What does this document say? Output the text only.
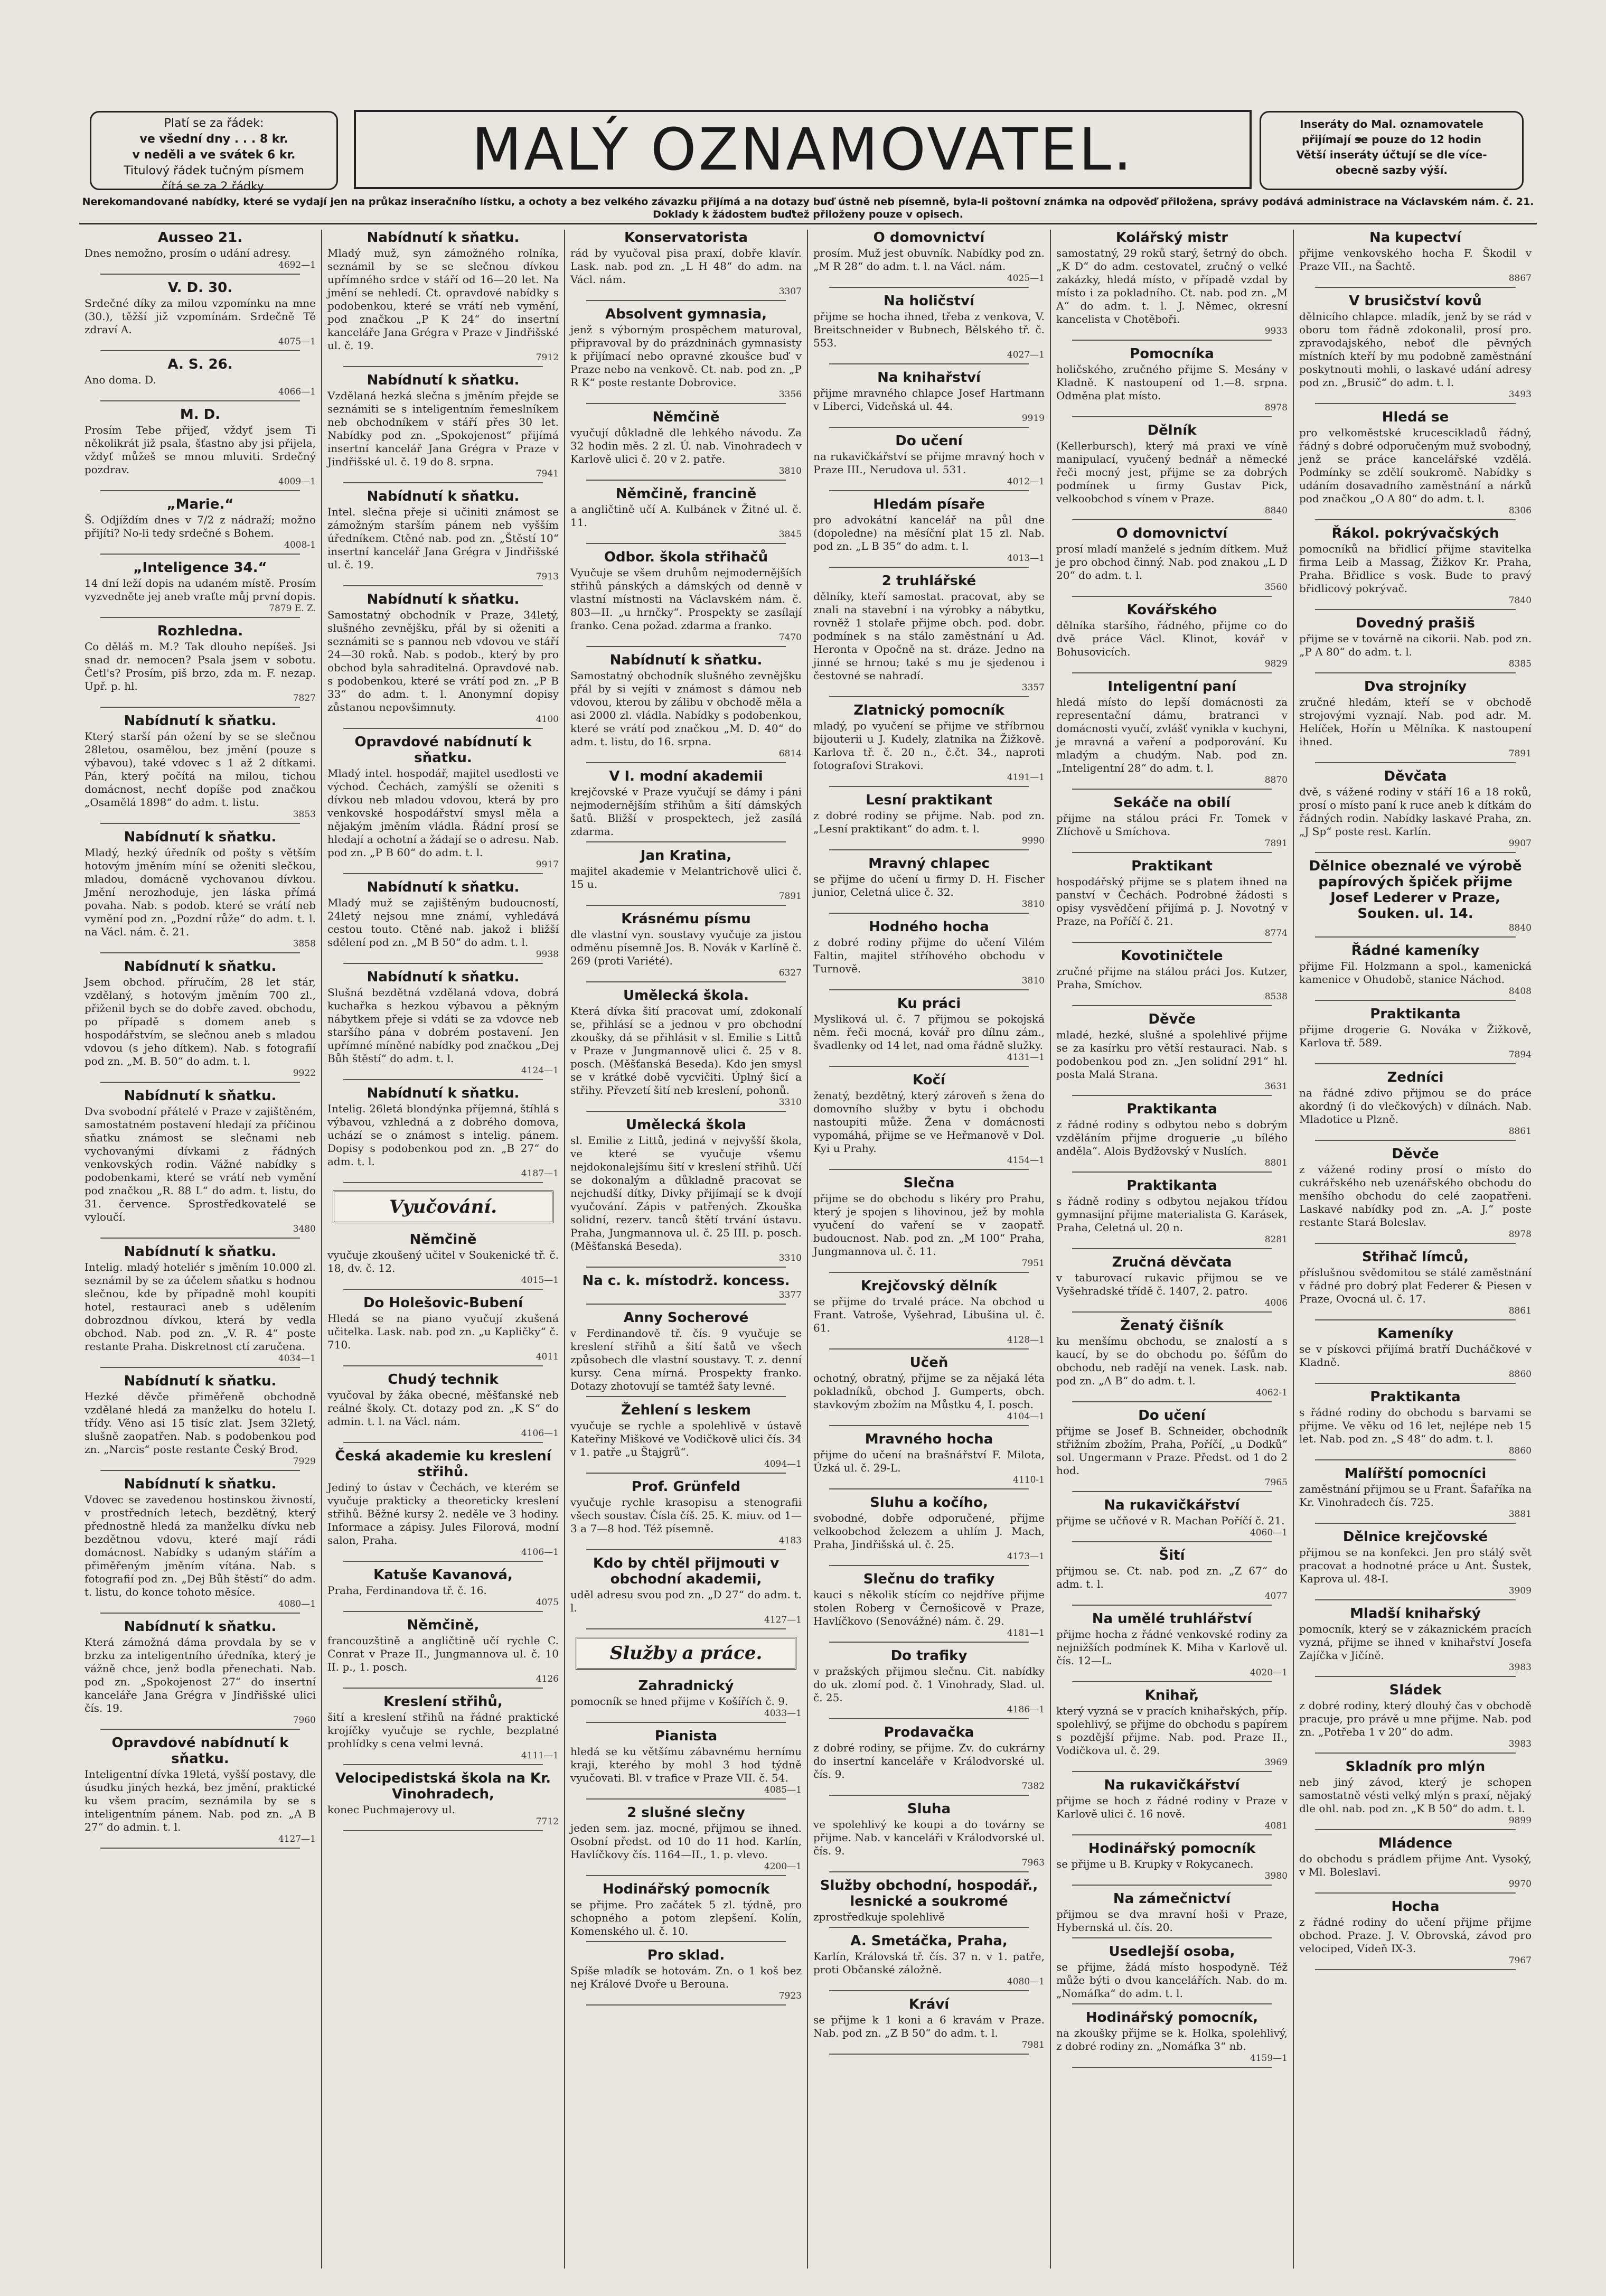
Platí se za řádek:
ve všední dny . . . 8 kr.
v neděli a ve svátek 6 kr.
Titulový řádek tučným písmem
čítá se za 2 řádky.
MALÝ OZNAMOVATEL.	Inseráty do Mal. oznamovatele
přijímají se pouze do 12 hodin
Větší inseráty účtují se dle více-
obecně sazby výší.
Nerekomandované nabídky, které se vydají jen na průkaz inseračního lístku, a ochoty a bez velkého závazku přijímá a na dotazy buď ústně neb písemně, byla-li poštovní známka na odpověď přiložena, správy podává administrace na Václavském nám. č. 21. Doklady k žádostem buďtež přiloženy pouze v opisech.
Ausseo 21.

Dnes nemožno, prosím o udání adresy.

4692—1
V. D. 30.

Srdečné díky za milou vzpomínku na mne (30.), těžší již vzpomínám. Srdečně Tě zdraví A.

4075—1
A. S. 26.

Ano doma. D.

4066—1
M. D.

Prosím Tebe přijeď, vždyť jsem Ti několikrát již psala, šťastno aby jsi přijela, vždyť můžeš se mnou mluviti. Srdečný pozdrav.

4009—1
„Marie.“

Š. Odjíždím dnes v 7/2 z nádraží; možno přijíti? No-li tedy srdečné s Bohem.

4008-1
„Inteligence 34.“

14 dní leží dopis na udaném místě. Prosím vyzvedněte jej aneb vraťte můj první dopis.

7879 E. Z.
Rozhledna.

Co děláš m. M.? Tak dlouho nepíšeš. Jsi snad dr. nemocen? Psala jsem v sobotu. Četl's? Prosím, piš brzo, zda m. F. nezap. Upř. p. hl.

7827
Nabídnutí k sňatku.

Který starší pán ožení by se se slečnou 28letou, osamělou, bez jmění (pouze s výbavou), také vdovec s 1 až 2 dítkami. Pán, který počítá na milou, tichou domácnost, nechť dopíše pod značkou „Osamělá 1898“ do adm. t. listu.

3853
Nabídnutí k sňatku.

Mladý, hezký úředník od pošty s větším hotovým jměním míní se oženiti slečkou, mladou, domácně vychovanou dívkou. Jmění nerozhoduje, jen láska přímá povaha. Nab. s podob. které se vrátí neb vymění pod zn. „Pozdní růže“ do adm. t. l. na Václ. nám. č. 21.

3858
Nabídnutí k sňatku.

Jsem obchod. příručím, 28 let stár, vzdělaný, s hotovým jměním 700 zl., přiženil bych se do dobře zaved. obchodu, po případě s domem aneb s hospodářstvím, se slečnou aneb s mladou vdovou (s jeho dítkem). Nab. s fotografií pod zn. „M. B. 50“ do adm. t. l.

9922
Nabídnutí k sňatku.

Dva svobodní přátelé v Praze v zajištěném, samostatném postavení hledají za příčinou sňatku známost se slečnami neb vychovanými dívkami z řádných venkovských rodin. Vážné nabídky s podobenkami, které se vrátí neb vymění pod značkou „R. 88 L“ do adm. t. listu, do 31. července. Sprostředkovatelé se vyloučí.

3480
Nabídnutí k sňatku.

Intelig. mladý hoteliér s jměním 10.000 zl. seznámil by se za účelem sňatku s hodnou slečnou, kde by případně mohl koupiti hotel, restauraci aneb s udělením dobrozdnou dívkou, která by vedla obchod. Nab. pod zn. „V. R. 4“ poste restante Praha. Diskretnost ctí zaručena.

4034—1
Nabídnutí k sňatku.

Hezké děvče přiměřeně obchodně vzdělané hledá za manželku do hotelu I. třídy. Věno asi 15 tisíc zlat. Jsem 32letý, slušně zaopatřen. Nab. s podobenkou pod zn. „Narcis“ poste restante Český Brod.

7929
Nabídnutí k sňatku.

Vdovec se zavedenou hostinskou živností, v prostředních letech, bezdětný, který přednostně hledá za manželku dívku neb bezdětnou vdovu, které mají rádi domácnost. Nabídky s udaným stářím a přiměřeným jměním vítána. Nab. s fotografií pod zn. „Dej Bůh štěstí“ do adm. t. listu, do konce tohoto měsíce.

4080—1
Nabídnutí k sňatku.

Která zámožná dáma provdala by se v brzku za inteligentního úředníka, který je vážně chce, jenž bodla přenechati. Nab. pod zn. „Spokojenost 27“ do insertní kanceláře Jana Grégra v Jindřišské ulici čís. 19.

7960
Opravdové nabídnutí k sňatku.

Inteligentní dívka 19letá, vyšší postavy, dle úsudku jiných hezká, bez jmění, praktické ku všem pracím, seznámila by se s inteligentním pánem. Nab. pod zn. „A B 27“ do admin. t. l.

4127—1
Nabídnutí k sňatku.

Mladý muž, syn zámožného rolníka, seznámil by se se slečnou dívkou upřímného srdce v stáří od 16—20 let. Na jmění se nehledí. Ct. opravdové nabídky s podobenkou, které se vrátí neb vymění, pod značkou „P K 24“ do insertní kanceláře Jana Grégra v Praze v Jindřišské ul. č. 19.

7912
Nabídnutí k sňatku.

Vzdělaná hezká slečna s jměním přejde se seznámiti se s inteligentním řemeslníkem neb obchodníkem v stáří přes 30 let. Nabídky pod zn. „Spokojenost“ přijímá insertní kancelář Jana Grégra v Praze v Jindřišské ul. č. 19 do 8. srpna.

7941
Nabídnutí k sňatku.

Intel. slečna přeje si učiniti známost se zámožným starším pánem neb vyšším úředníkem. Ctěné nab. pod zn. „Štěstí 10“ insertní kancelář Jana Grégra v Jindřišské ul. č. 19.

7913
Nabídnutí k sňatku.

Samostatný obchodník v Praze, 34letý, slušného zevnějšku, přál by si oženiti a seznámiti se s pannou neb vdovou ve stáří 24—30 roků. Nab. s podob., který by pro obchod byla sahraditelná. Opravdové nab. s podobenkou, které se vrátí pod zn. „P B 33“ do adm. t. l. Anonymní dopisy zůstanou nepovšimnuty.

4100
Opravdové nabídnutí k sňatku.

Mladý intel. hospodář, majitel usedlosti ve východ. Čechách, zamýšlí se oženiti s dívkou neb mladou vdovou, která by pro venkovské hospodářství smysl měla a nějakým jměním vládla. Řádní prosí se hledají a ochotní a žádají se o adresu. Nab. pod zn. „P B 60“ do adm. t. l.

9917
Nabídnutí k sňatku.

Mladý muž se zajištěným budoucností, 24letý nejsou mne známí, vyhledává cestou touto. Ctěné nab. jakož i bližší sdělení pod zn. „M B 50“ do adm. t. l.

9938
Nabídnutí k sňatku.

Slušná bezdětná vzdělaná vdova, dobrá kuchařka s hezkou výbavou a pěkným nábytkem přeje si vdáti se za vdovce neb staršího pána v dobrém postavení. Jen upřímné míněné nabídky pod značkou „Dej Bůh štěstí“ do adm. t. l.

4124—1
Nabídnutí k sňatku.

Intelig. 26letá blondýnka příjemná, štíhlá s výbavou, vzhledná a z dobrého domova, uchází se o známost s intelig. pánem. Dopisy s podobenkou pod zn. „B 27“ do adm. t. l.

4187—1
Vyučování.
Němčině

vyučuje zkoušený učitel v Soukenické tř. č. 18, dv. č. 12.

4015—1
Do Holešovic-Bubení

Hledá se na piano vyučují zkušená učitelka. Lask. nab. pod zn. „u Kapličky“ č. 710.

4011
Chudý technik

vyučoval by žáka obecné, měšťanské neb reálné školy. Ct. dotazy pod zn. „K S“ do admin. t. l. na Václ. nám.

4106—1
Česká akademie ku kreslení střihů.

Jediný to ústav v Čechách, ve kterém se vyučuje prakticky a theoreticky kreslení střihů. Běžné kursy 2. neděle ve 3 hodiny. Informace a zápisy. Jules Filorová, modní salon, Praha.

4106—1
Katuše Kavanová,

Praha, Ferdinandova tř. č. 16.

4075
Němčině,

francouzštině a angličtině učí rychle C. Conrat v Praze II., Jungmannova ul. č. 10 II. p., 1. posch.

4126
Kreslení střihů,

šití a kreslení střihů na řádné praktické krojíčky vyučuje se rychle, bezplatné prohlídky s cena velmi levná.

4111—1
Velocipedistská škola na Kr. Vinohradech,

konec Puchmajerovy ul.

7712
Konservatorista

rád by vyučoval pisa praxí, dobře klavír. Lask. nab. pod zn. „L H 48“ do adm. na Václ. nám.

3307
Absolvent gymnasia,

jenž s výborným prospěchem maturoval, připravoval by do prázdninách gymnasisty k přijímací nebo opravné zkoušce buď v Praze nebo na venkově. Ct. nab. pod zn. „P R K“ poste restante Dobrovice.

3356
Němčině

vyučují důkladně dle lehkého návodu. Za 32 hodin měs. 2 zl. Ú. nab. Vinohradech v Karlově ulici č. 20 v 2. patře.

3810
Němčině, francině

a angličtině učí A. Kulbánek v Žitné ul. č. 11.

3845
Odbor. škola střihačů

Vyučuje se všem druhům nejmodernějších střihů pánských a dámských od denně v vlastní místnosti na Václavském nám. č. 803—II. „u hrnčky“. Prospekty se zasílají franko. Cena požad. zdarma a franko.

7470
Nabídnutí k sňatku.

Samostatný obchodník slušného zevnějšku přál by si vejíti v známost s dámou neb vdovou, kterou by zálibu v obchodě měla a asi 2000 zl. vládla. Nabídky s podobenkou, které se vrátí pod značkou „M. D. 40“ do adm. t. listu, do 16. srpna.

6814
V I. modní akademii

krejčovské v Praze vyučují se dámy i páni nejmodernějším střihům a šití dámských šatů. Bližší v prospektech, jež zasílá zdarma.

Jan Kratina,

majitel akademie v Melantrichově ulici č. 15 u.

7891
Krásnému písmu

dle vlastní vyn. soustavy vyučuje za jistou odměnu písemně Jos. B. Novák v Karlíně č. 269 (proti Variété).

6327
Umělecká škola.

Která dívka šití pracovat umí, zdokonalí se, přihlásí se a jednou v pro obchodní zkoušky, dá se přihlásit v sl. Emilie s Littů v Praze v Jungmannově ulici č. 25 v 8. posch. (Měšťanská Beseda). Kdo jen smysl se v krátké době vycvičiti. Úplný šicí a střihy. Převzetí šití neb kreslení, pohonů.

3310
Umělecká škola

sl. Emilie z Littů, jediná v nejvyšší škola, ve které se vyučuje všemu nejdokonalejšímu šití v kreslení střihů. Učí se dokonalým a důkladně pracovat se nejchudší dítky, Divky přijímají se k dvojí vyučování. Zápis v patřených. Zkouška solidní, rezerv. tanců štětí trvání ústavu. Praha, Jungmannova ul. č. 25 III. p. posch. (Měšťanská Beseda).

3310
Na c. k. místodrž. koncess.
3377
Anny Socherové

v Ferdinandově tř. čís. 9 vyučuje se kreslení střihů a šití šatů ve všech způsobech dle vlastní soustavy. T. z. denní kursy. Cena mírná. Prospekty franko. Dotazy zhotovují se tamtéž šaty levné.

Žehlení s leskem

vyučuje se rychle a spolehlivě v ústavě Kateřiny Miškové ve Vodičkově ulici čís. 34 v 1. patře „u Štajgrů“.

4094—1
Prof. Grünfeld

vyučuje rychle krasopisu a stenografii všech soustav. Čísla číš. 25. K. miuv. od 1—3 a 7—8 hod. Též písemně.

4183
Kdo by chtěl přijmouti v obchodní akademii,

uděl adresu svou pod zn. „D 27“ do adm. t. l.

4127—1
Služby a práce.
Zahradnický

pomocník se hned přijme v Košířích č. 9.

4033—1
Pianista

hledá se ku většímu zábavnému hernímu kraji, kterého by mohl 3 hod týdně vyučovati. Bl. v trafice v Praze VII. č. 54.

4085—1
2 slušné slečny

jeden sem. jaz. mocné, přijmou se ihned. Osobní předst. od 10 do 11 hod. Karlín, Havlíčkovy čís. 1164—II., 1. p. vlevo.

4200—1
Hodinářský pomocník

se přijme. Pro začátek 5 zl. týdně, pro schopného a potom zlepšení. Kolín, Komenského ul. č. 10.

Pro sklad.

Spíše mladík se hotovám. Zn. o 1 koš bez nej Králové Dvoře u Berouna.

7923
O domovnictví

prosím. Muž jest obuvník. Nabídky pod zn. „M R 28“ do adm. t. l. na Václ. nám.

4025—1
Na holičství

přijme se hocha ihned, třeba z venkova, V. Breitschneider v Bubnech, Bělského tř. č. 553.

4027—1
Na knihařství

přijme mravného chlapce Josef Hartmann v Liberci, Videňská ul. 44.

9919
Do učení

na rukavičkářství se přijme mravný hoch v Praze III., Nerudova ul. 531.

4012—1
Hledám písaře

pro advokátní kancelář na půl dne (dopoledne) na měsíční plat 15 zl. Nab. pod zn. „L B 35“ do adm. t. l.

4013—1
2 truhlářské

dělníky, kteří samostat. pracovat, aby se znali na stavební i na výrobky a nábytku, rovněž 1 stolaře přijme obch. pod. dobr. podmínek s na stálo zaměstnání u Ad. Heronta v Opočně na st. dráze. Jedno na jinné se hrnou; také s mu je sjedenou i čestovné se nahradí.

3357
Zlatnický pomocník

mladý, po vyučení se přijme ve stříbrnou bijouterii u J. Kudely, zlatnika na Žižkově. Karlova tř. č. 20 n., č.čt. 34., naproti fotografovi Strakovi.

4191—1
Lesní praktikant

z dobré rodiny se přijme. Nab. pod zn. „Lesní praktikant“ do adm. t. l.

9990
Mravný chlapec

se přijme do učení u firmy D. H. Fischer junior, Celetná ulice č. 32.

3810
Hodného hocha

z dobré rodiny přijme do učení Vilém Faltin, majitel stříhového obchodu v Turnově.

3810
Ku práci

Mysliková ul. č. 7 přijmou se pokojská něm. řeči mocná, kovář pro dílnu zám., švadlenky od 14 let, nad oma řádně služky.

4131—1
Kočí

ženatý, bezdětný, který zároveň s žena do domovního služby v bytu i obchodu nastoupiti může. Žena v domácnosti vypomáhá, přijme se ve Heřmanově v Dol. Kyi u Prahy.

4154—1
Slečna

přijme se do obchodu s likéry pro Prahu, který je spojen s lihovinou, jež by mohla vyučení do vaření se v zaopatř. budoucnost. Nab. pod zn. „M 100“ Praha, Jungmannova ul. č. 11.

7951
Krejčovský dělník

se přijme do trvalé práce. Na obchod u Frant. Vatroše, Vyšehrad, Libušina ul. č. 61.

4128—1
Učeň

ochotný, obratný, přijme se za nějaká léta pokladníků, obchod J. Gumperts, obch. stavkovým zbožím na Můstku 4, I. posch.

4104—1
Mravného hocha

přijme do učení na brašnářství F. Milota, Úzká ul. č. 29-L.

4110-1
Sluhu a kočího,

svobodné, dobře odporučené, přijme velkoobchod železem a uhlím J. Mach, Praha, Jindřišská ul. č. 25.

4173—1
Slečnu do trafiky

kauci s několik stícím co nejdříve přijme stolen Roberg v Černošicově v Praze, Havlíčkovo (Senovážné) nám. č. 29.

4181—1
Do trafiky

v pražských přijmou slečnu. Cit. nabídky do uk. zlomí pod. č. 1 Vinohrady, Slad. ul. č. 25.

4186—1
Prodavačka

z dobré rodiny, se přijme. Zv. do cukrárny do insertní kanceláře v Králodvorské ul. čís. 9.

7382
Sluha

ve spolehlivý ke koupi a do továrny se přijme. Nab. v kanceláři v Králodvorské ul. čís. 9.

7963
Služby obchodní, hospodář., lesnické a soukromé

zprostředkuje spolehlivě

A. Smetáčka, Praha,

Karlín, Královská tř. čís. 37 n. v 1. patře, proti Občanské záložně.

4080—1
Kráví

se přijme k 1 koni a 6 kravám v Praze. Nab. pod zn. „Z B 50“ do adm. t. l.

7981
Kolářský mistr

samostatný, 29 roků starý, šetrný do obch. „K D“ do adm. cestovatel, zručný o velké zakázky, hledá místo, v případě vzdal by místo i za pokladního. Ct. nab. pod zn. „M A“ do adm. t. l. J. Němec, okresní kancelista v Chotěboři.

9933
Pomocníka

holičského, zručného přijme S. Mesány v Kladně. K nastoupení od 1.—8. srpna. Odměna plat místo.

8978
Dělník

(Kellerbursch), který má praxi ve víně manipulací, vyučený bednář a německé řeči mocný jest, přijme se za dobrých podmínek u firmy Gustav Pick, velkoobchod s vínem v Praze.

8840
O domovnictví

prosí mladí manželé s jedním dítkem. Muž je pro obchod činný. Nab. pod znakou „L D 20“ do adm. t. l.

3560
Kovářského

dělníka staršího, řádného, přijme co do dvě práce Václ. Klinot, kovář v Bohusovicích.

9829
Inteligentní paní

hledá místo do lepší domácnosti za representační dámu, bratranci v domácnosti vyučí, zvlášť vynikla v kuchyni, je mravná a vaření a podporování. Ku mladým a chudým. Nab. pod zn. „Inteligentní 28“ do adm. t. l.

8870
Sekáče na obilí

přijme na stálou práci Fr. Tomek v Zlíchově u Smíchova.

7891
Praktikant

hospodářský přijme se s platem ihned na panství v Čechách. Podrobné žádosti s opisy vysvědčení přijímá p. J. Novotný v Praze, na Poříčí č. 21.

8774
Kovotiničtele

zručné přijme na stálou práci Jos. Kutzer, Praha, Smíchov.

8538
Děvče

mladé, hezké, slušné a spolehlivé přijme se za kasírku pro větší restauraci. Nab. s podobenkou pod zn. „Jen solidní 291“ hl. posta Malá Strana.

3631
Praktikanta

z řádné rodiny s odbytou nebo s dobrým vzděláním přijme droguerie „u bílého anděla“. Alois Bydžovský v Nuslích.

8801
Praktikanta

s řádně rodiny s odbytou nejakou třídou gymnasijní přijme materialista G. Karásek, Praha, Celetná ul. 20 n.

8281
Zručná děvčata

v taburovací rukavic přijmou se ve Vyšehradské třídě č. 1407, 2. patro.

4006
Ženatý čišník

ku menšímu obchodu, se znalostí a s kaucí, by se do obchodu po. šéfům do obchodu, neb radějí na venek. Lask. nab. pod zn. „A B“ do adm. t. l.

4062-1
Do učení

přijme se Josef B. Schneider, obchodník střižním zbožím, Praha, Poříčí, „u Dodků“ sol. Ungermann v Praze. Předst. od 1 do 2 hod.

7965
Na rukavičkářství

přijme se učňové v R. Machan Poříčí č. 21.

4060—1
Šití

přijmou se. Ct. nab. pod zn. „Z 67“ do adm. t. l.

4077
Na umělé truhlářství

přijme hocha z řádné venkovské rodiny za nejnižších podmínek K. Miha v Karlově ul. čís. 12—L.

4020—1
Knihař,

který vyzná se v pracích knihařských, příp. spolehlivý, se přijme do obchodu s papírem s pozdější přijme. Nab. pod. Praze II., Vodičkova ul. č. 29.

3969
Na rukavičkářství

přijme se hoch z řádné rodiny v Praze v Karlově ulici č. 16 nově.

4081
Hodinářský pomocník

se přijme u B. Krupky v Rokycanech.

3980
Na zámečnictví

přijmou se dva mravní hoši v Praze, Hybernská ul. čís. 20.

Usedlejší osoba,

se přijme, žádá místo hospodyně. Též může býti o dvou kancelářích. Nab. do m. „Nomáfka“ do adm. t. l.

Hodinářský pomocník,

na zkoušky přijme se k. Holka, spolehlivý, z dobré rodiny zn. „Nomáfka 3“ nb.

4159—1
Na kupectví

přijme venkovského hocha F. Škodil v Praze VII., na Šachtě.

8867
V brusičství kovů

dělnicího chlapce. mladík, jenž by se rád v oboru tom řádně zdokonalil, prosí pro. zpravodajského, neboť dle pěvných místních kteří by mu podobně zaměstnání poskytnouti mohli, o laskavé udání adresy pod zn. „Brusič“ do adm. t. l.

3493
Hledá se

pro velkoměstské krucescikladů řádný, řádný s dobré odporučeným muž svobodný, jenž se práce kancelářské vzdělá. Podmínky se zdělí soukromě. Nabídky s udáním dosavadního zaměstnání a nárků pod značkou „O A 80“ do adm. t. l.

8306
Řákol. pokrývačských

pomocníků na břidlicí přijme stavitelka firma Leib a Massag, Žižkov Kr. Praha, Praha. Břidlice s vosk. Bude to pravý břidlicový pokrývač.

7840
Dovedný prašiš

přijme se v továrně na cikorii. Nab. pod zn. „P A 80“ do adm. t. l.

8385
Dva strojníky

zručné hledám, kteří se v obchodě strojovými vyznají. Nab. pod adr. M. Helíček, Hořín u Mělníka. K nastoupení ihned.

7891
Děvčata

dvě, s vážené rodiny v stáří 16 a 18 roků, prosí o místo paní k ruce aneb k dítkám do řádných rodin. Nabídky laskavé Praha, zn. „J Sp“ poste rest. Karlín.

9907
Dělnice obeznalé ve výrobě papírových špiček přijme Josef Lederer v Praze, Souken. ul. 14.
8840
Řádné kameníky

přijme Fil. Holzmann a spol., kamenická kamenice v Ohudobě, stanice Náchod.

8408
Praktikanta

přijme drogerie G. Nováka v Žižkově, Karlova tř. 589.

7894
Zedníci

na řádné zdivo přijmou se do práce akordný (i do vlečkových) v dílnách. Nab. Mladotice u Plzně.

8861
Děvče

z vážené rodiny prosí o místo do cukrářského neb uzenářského obchodu do menšího obchodu do celé zaopatřeni. Laskavé nabídky pod zn. „A. J.“ poste restante Stará Boleslav.

8978
Střihač límců,

příslušnou svědomitou se stálé zaměstnání v řádné pro dobrý plat Federer & Piesen v Praze, Ovocná ul. č. 17.

8861
Kameníky

se v pískovci přijímá bratří Ducháčkové v Kladně.

8860
Praktikanta

s řádné rodiny do obchodu s barvami se přijme. Ve věku od 16 let, nejlépe neb 15 let. Nab. pod zn. „S 48“ do adm. t. l.

8860
Malířští pomocníci

zaměstnání přijmou se u Frant. Šafaříka na Kr. Vinohradech čís. 725.

3881
Dělnice krejčovské

přijmou se na konfekci. Jen pro stálý svět pracovat a hodnotné práce u Ant. Šustek, Kaprova ul. 48-I.

3909
Mladší knihařský

pomocník, který se v zákaznickém pracích vyzná, přijme se ihned v knihařství Josefa Zajíčka v Jičíně.

3983
Sládek

z dobré rodiny, který dlouhý čas v obchodě pracuje, pro právě u mne přijme. Nab. pod zn. „Potřeba 1 v 20“ do adm.

3983
Skladník pro mlýn

neb jiný závod, který je schopen samostatně vésti velký mlýn s praxí, nějaký dle ohl. nab. pod zn. „K B 50“ do adm. t. l.

9899
Mládence

do obchodu s prádlem přijme Ant. Vysoký, v Ml. Boleslavi.

9970
Hocha

z řádné rodiny do učení přijme přijme obchod. Praze. J. V. Obrovská, závod pro velociped, Vídeň IX-3.

7967
